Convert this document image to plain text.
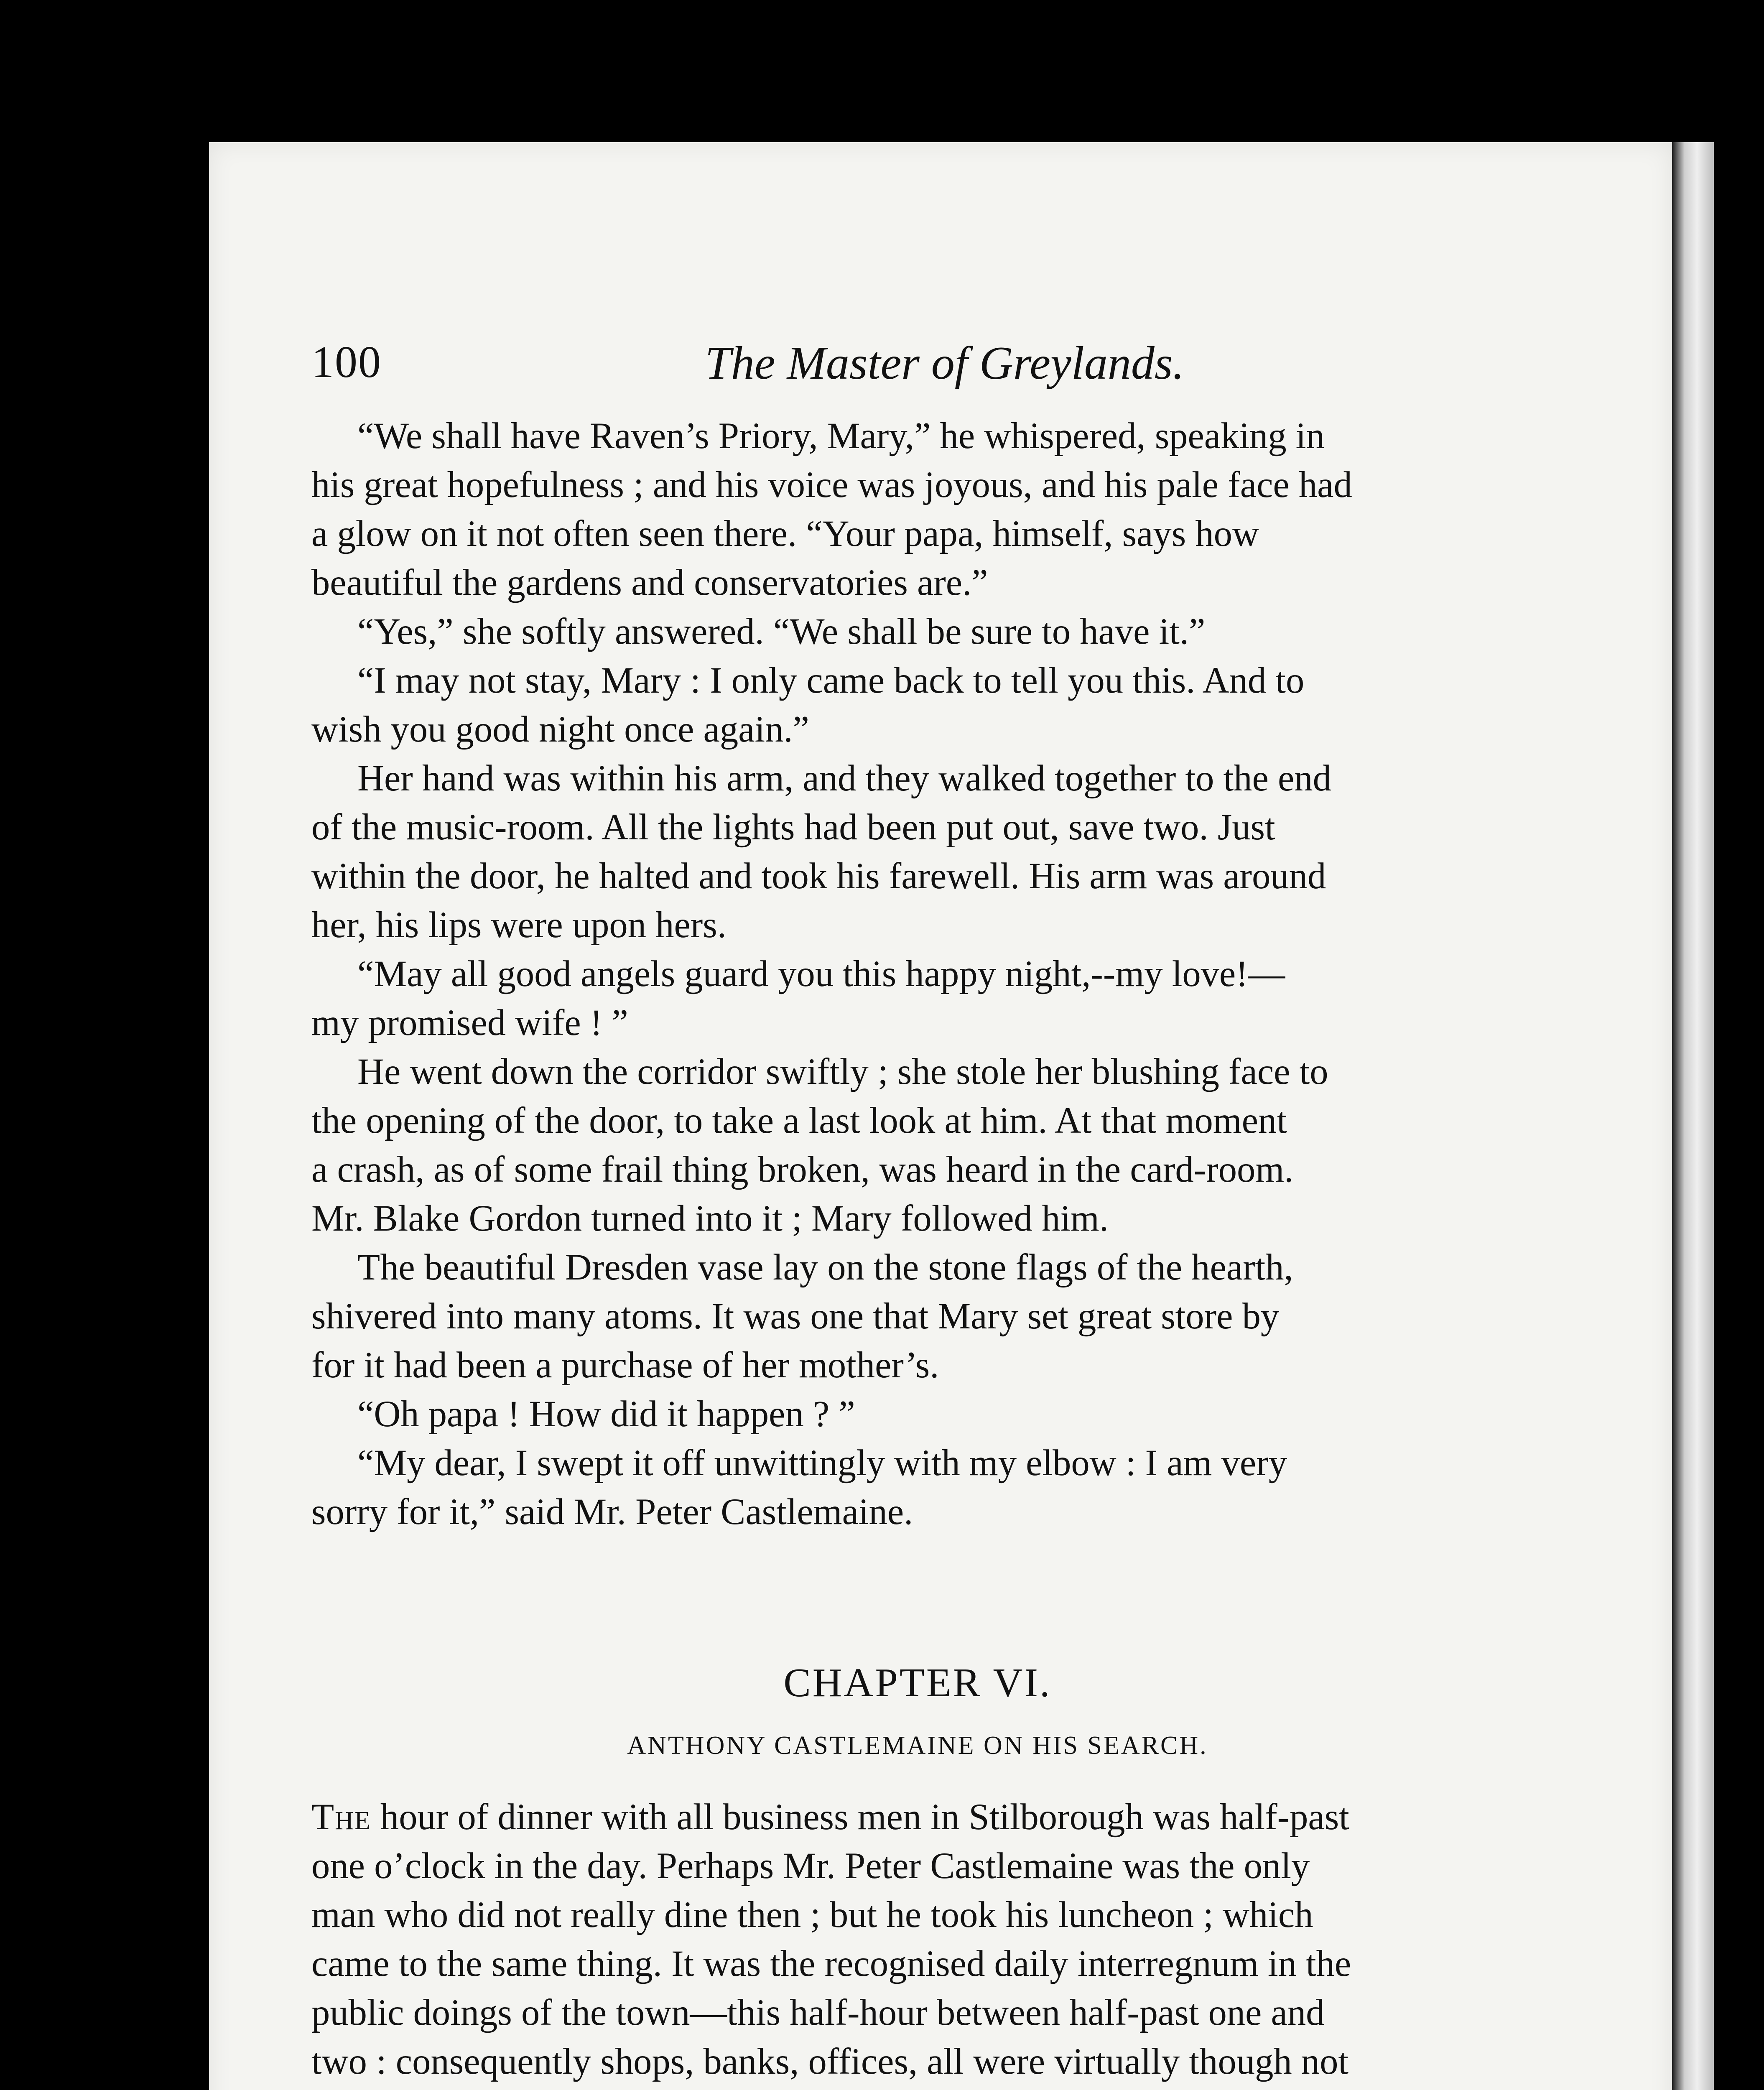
100	The Master of Greylands.

“We shall have Raven’s Priory, Mary,” he whispered, speaking in
his great hopefulness ; and his voice was joyous, and his pale face had
a glow on it not often seen there. “Your papa, himself, says how
beautiful the gardens and conservatories are.”

“Yes,” she softly answered. “We shall be sure to have it.”

“I may not stay, Mary : I only came back to tell you this. And to
wish you good night once again.”

Her hand was within his arm, and they walked together to the end
of the music-room. All the lights had been put out, save two. Just
within the door, he halted and took his farewell. His arm was around
her, his lips were upon hers.

“May all good angels guard you this happy night,--my love!—
my promised wife ! ”

He went down the corridor swiftly ; she stole her blushing face to
the opening of the door, to take a last look at him. At that moment
a crash, as of some frail thing broken, was heard in the card-room.
Mr. Blake Gordon turned into it ; Mary followed him.

The beautiful Dresden vase lay on the stone flags of the hearth,
shivered into many atoms. It was one that Mary set great store by
for it had been a purchase of her mother’s.

“Oh papa ! How did it happen ? ”

“My dear, I swept it off unwittingly with my elbow : I am very
sorry for it,” said Mr. Peter Castlemaine.

CHAPTER VI.
ANTHONY CASTLEMAINE ON HIS SEARCH.

The hour of dinner with all business men in Stilborough was half-past
one o’clock in the day. Perhaps Mr. Peter Castlemaine was the only
man who did not really dine then ; but he took his luncheon ; which
came to the same thing. It was the recognised daily interregnum in the
public doings of the town—this half-hour between half-past one and
two : consequently shops, banks, offices, all were virtually though not
